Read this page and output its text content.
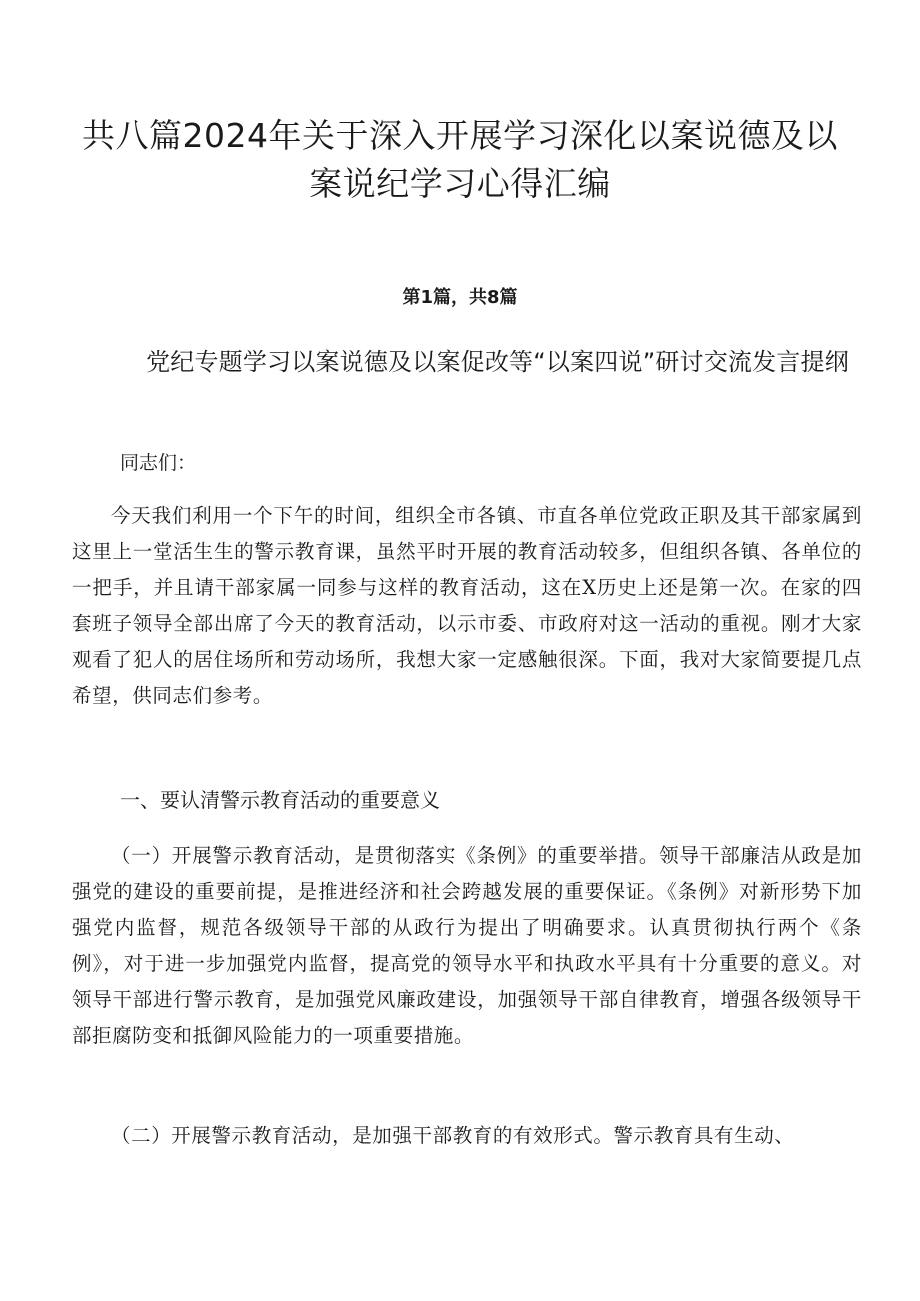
共八篇2024年关于深入开展学习深化以案说德及以案说纪学习心得汇编

第1篇，共8篇

党纪专题学习以案说德及以案促改等“以案四说”研讨交流发言提纲

同志们：

今天我们利用一个下午的时间，组织全市各镇、市直各单位党政正职及其干部家属到这里上一堂活生生的警示教育课，虽然平时开展的教育活动较多，但组织各镇、各单位的一把手，并且请干部家属一同参与这样的教育活动，这在X历史上还是第一次。在家的四套班子领导全部出席了今天的教育活动，以示市委、市政府对这一活动的重视。刚才大家观看了犯人的居住场所和劳动场所，我想大家一定感触很深。下面，我对大家简要提几点希望，供同志们参考。

一、要认清警示教育活动的重要意义

（一）开展警示教育活动，是贯彻落实《条例》的重要举措。领导干部廉洁从政是加强党的建设的重要前提，是推进经济和社会跨越发展的重要保证。《条例》对新形势下加强党内监督，规范各级领导干部的从政行为提出了明确要求。认真贯彻执行两个《条例》，对于进一步加强党内监督，提高党的领导水平和执政水平具有十分重要的意义。对领导干部进行警示教育，是加强党风廉政建设，加强领导干部自律教育，增强各级领导干部拒腐防变和抵御风险能力的一项重要措施。

（二）开展警示教育活动，是加强干部教育的有效形式。警示教育具有生动、
